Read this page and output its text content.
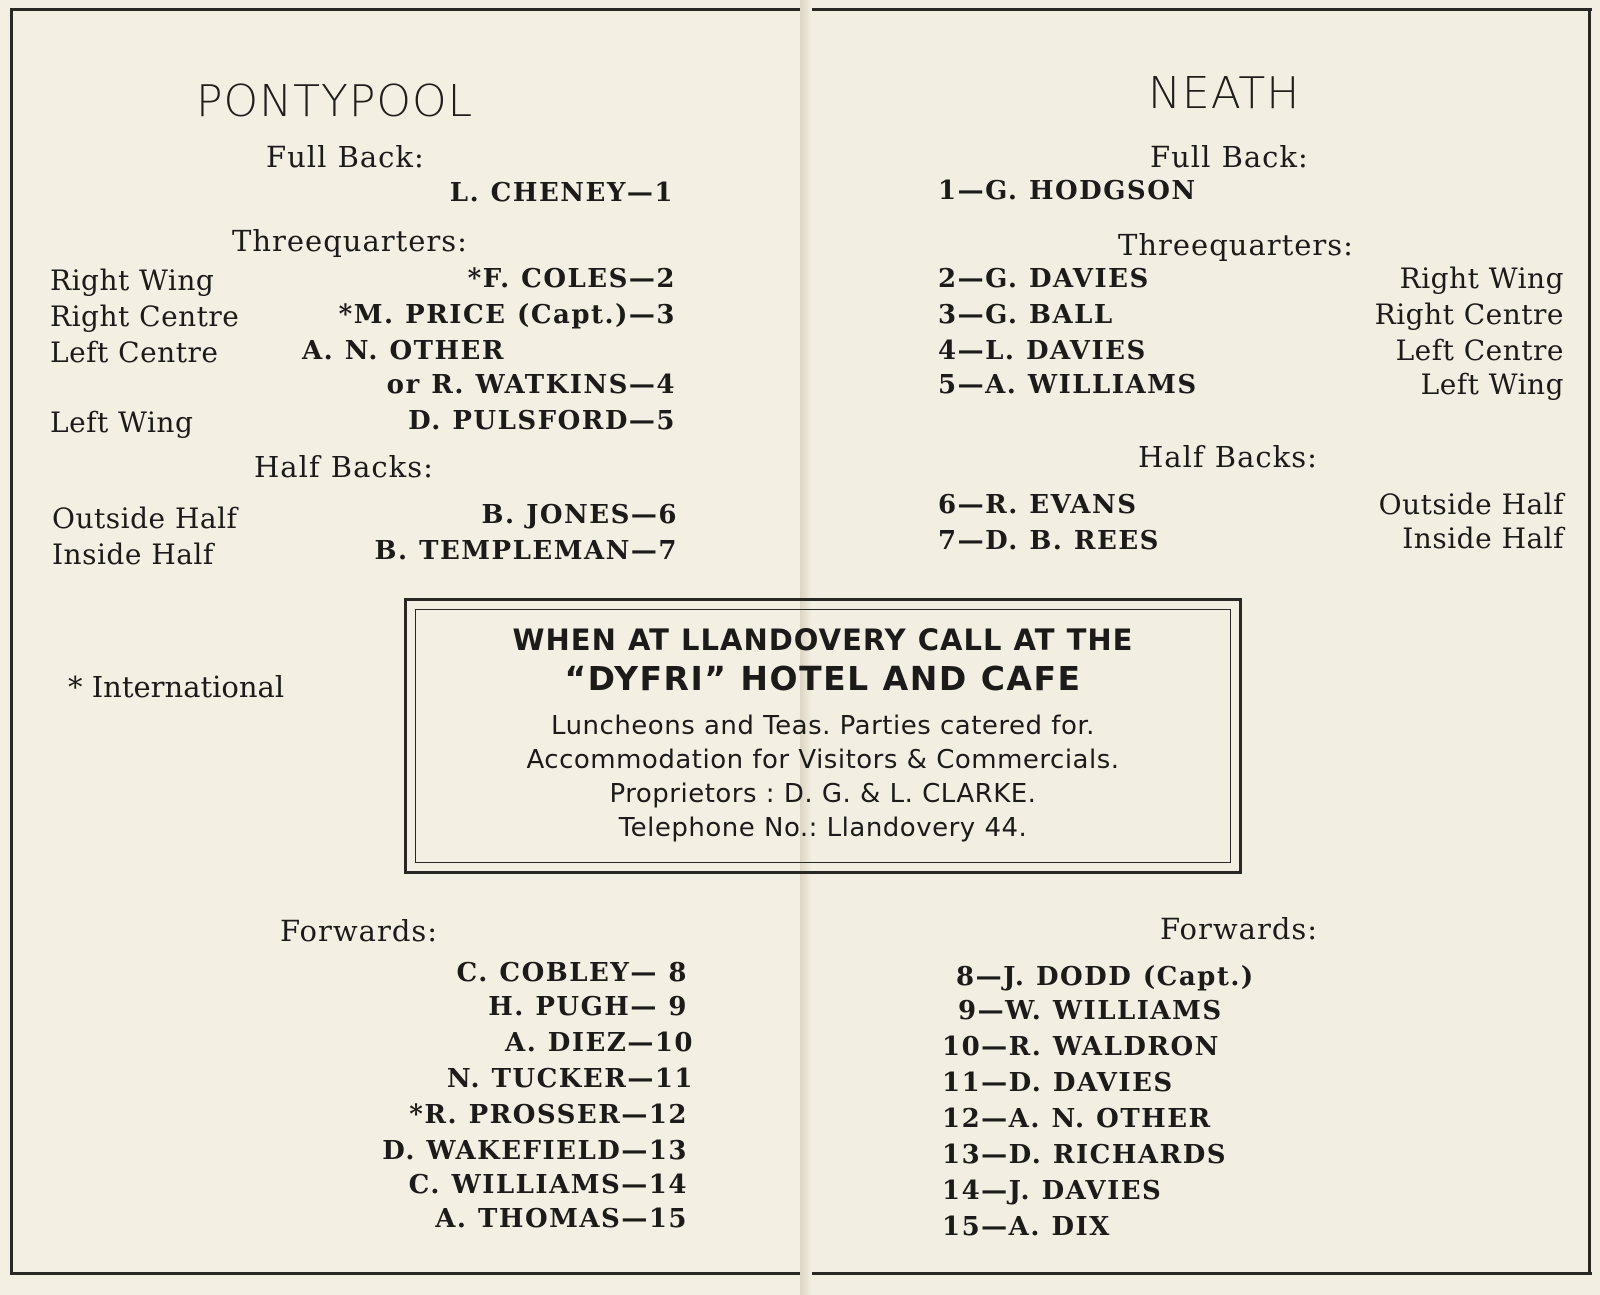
PONTYPOOL
Full Back:
L. CHENEY—1
Threequarters:
Right Wing	*F. COLES—2
Right Centre	*M. PRICE (Capt.)—3
Left Centre	A. N. OTHER
or R. WATKINS—4
Left Wing	D. PULSFORD—5
Half Backs:
Outside Half	B. JONES—6
Inside Half	B. TEMPLEMAN—7
* International
Forwards:
C. COBLEY— 8
H. PUGH— 9
A. DIEZ—10
N. TUCKER—11
*R. PROSSER—12
D. WAKEFIELD—13
C. WILLIAMS—14
A. THOMAS—15
NEATH
Full Back:
1—G. HODGSON
Threequarters:
2—G. DAVIES	Right Wing
3—G. BALL	Right Centre
4—L. DAVIES	Left Centre
5—A. WILLIAMS	Left Wing
Half Backs:
6—R. EVANS	Outside Half
7—D. B. REES	Inside Half
Forwards:
8—J. DODD (Capt.)
9—W. WILLIAMS
10—R. WALDRON
11—D. DAVIES
12—A. N. OTHER
13—D. RICHARDS
14—J. DAVIES
15—A. DIX
WHEN AT LLANDOVERY CALL AT THE
“DYFRI” HOTEL AND CAFE
Luncheons and Teas. Parties catered for.
Accommodation for Visitors & Commercials.
Proprietors : D. G. & L. CLARKE.
Telephone No.: Llandovery 44.
